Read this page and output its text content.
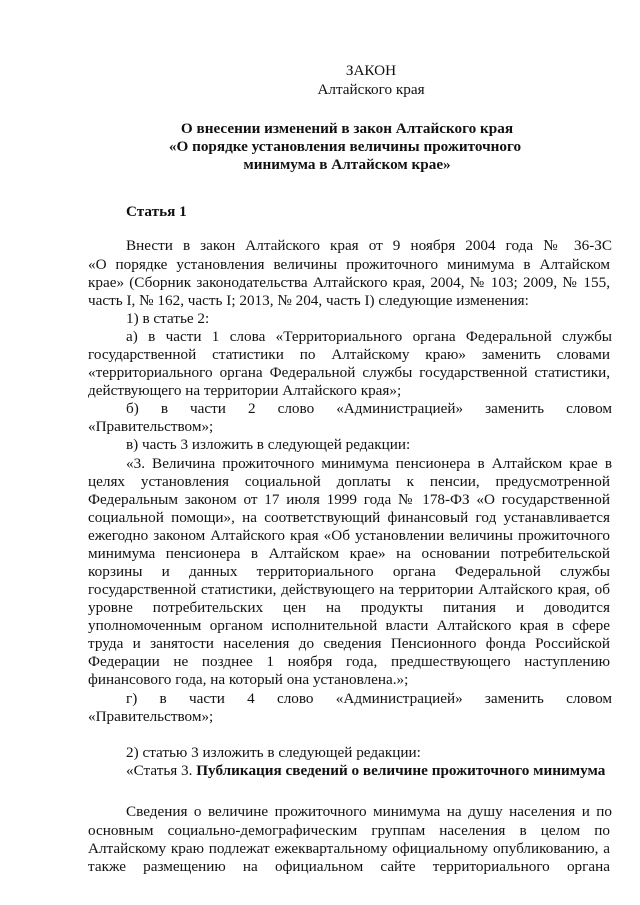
ЗАКОН
Алтайского края
О внесении изменений в закон Алтайского края
«О порядке установления величины прожиточного
минимума в Алтайском крае»
Статья 1
Внести в закон Алтайского края от 9 ноября 2004 года № 36-ЗС
«О порядке установления величины прожиточного минимума в Алтайском
крае» (Сборник законодательства Алтайского края, 2004, № 103; 2009, № 155,
часть I, № 162, часть I; 2013, № 204, часть I) следующие изменения:
1) в статье 2:
а) в части 1 слова «Территориального органа Федеральной службы
государственной статистики по Алтайскому краю» заменить словами
«территориального органа Федеральной службы государственной статистики,
действующего на территории Алтайского края»;
б) в части 2 слово «Администрацией» заменить словом
«Правительством»;
в) часть 3 изложить в следующей редакции:
«3. Величина прожиточного минимума пенсионера в Алтайском крае в
целях установления социальной доплаты к пенсии, предусмотренной
Федеральным законом от 17 июля 1999 года № 178-ФЗ «О государственной
социальной помощи», на соответствующий финансовый год устанавливается
ежегодно законом Алтайского края «Об установлении величины прожиточного
минимума пенсионера в Алтайском крае» на основании потребительской
корзины и данных территориального органа Федеральной службы
государственной статистики, действующего на территории Алтайского края, об
уровне потребительских цен на продукты питания и доводится
уполномоченным органом исполнительной власти Алтайского края в сфере
труда и занятости населения до сведения Пенсионного фонда Российской
Федерации не позднее 1 ноября года, предшествующего наступлению
финансового года, на который она установлена.»;
г) в части 4 слово «Администрацией» заменить словом
«Правительством»;
2) статью 3 изложить в следующей редакции:
«Статья 3. Публикация сведений о величине прожиточного минимума
Сведения о величине прожиточного минимума на душу населения и по
основным социально-демографическим группам населения в целом по
Алтайскому краю подлежат ежеквартальному официальному опубликованию, а
также размещению на официальном сайте территориального органа
